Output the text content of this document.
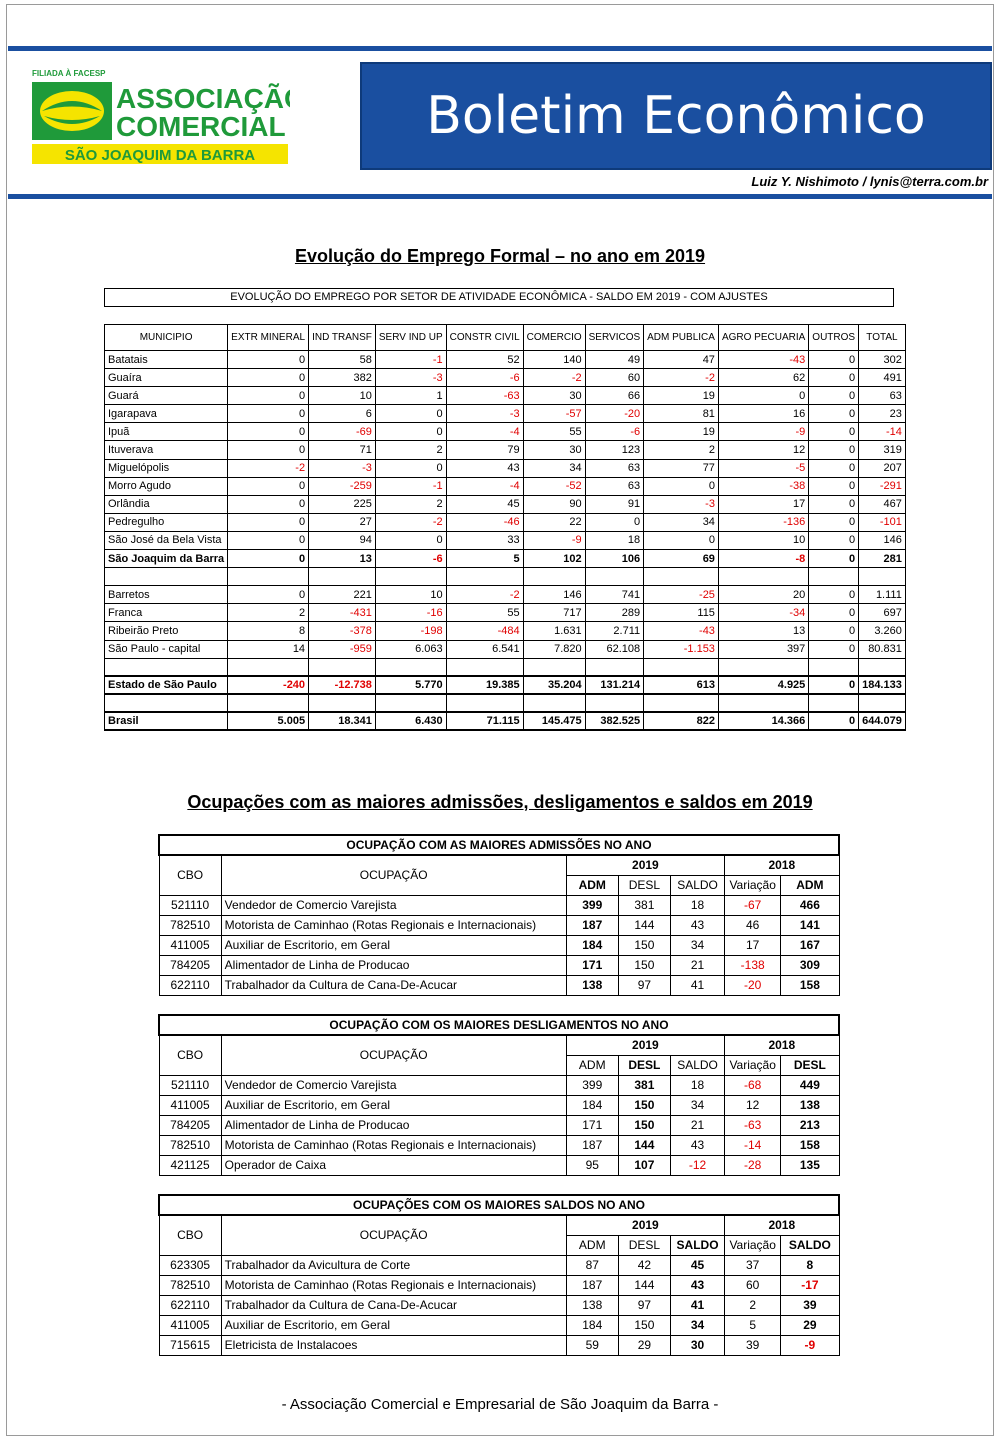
FILIADA À FACESP
ASSOCIAÇÃO
COMERCIAL
SÃO JOAQUIM DA BARRA
Boletim Econômico
Luiz Y. Nishimoto / lynis@terra.com.br
Evolução do Emprego Formal – no ano em 2019
EVOLUÇÃO DO EMPREGO POR SETOR DE ATIVIDADE ECONÔMICA - SALDO EM 2019 - COM AJUSTES
MUNICIPIO	EXTR MINERAL	IND TRANSF	SERV IND UP	CONSTR CIVIL	COMERCIO	SERVICOS	ADM PUBLICA	AGRO PECUARIA	OUTROS	TOTAL
Batatais	0	58	-1	52	140	49	47	-43	0	302
Guaíra	0	382	-3	-6	-2	60	-2	62	0	491
Guará	0	10	1	-63	30	66	19	0	0	63
Igarapava	0	6	0	-3	-57	-20	81	16	0	23
Ipuã	0	-69	0	-4	55	-6	19	-9	0	-14
Ituverava	0	71	2	79	30	123	2	12	0	319
Miguelópolis	-2	-3	0	43	34	63	77	-5	0	207
Morro Agudo	0	-259	-1	-4	-52	63	0	-38	0	-291
Orlândia	0	225	2	45	90	91	-3	17	0	467
Pedregulho	0	27	-2	-46	22	0	34	-136	0	-101
São José da Bela Vista	0	94	0	33	-9	18	0	10	0	146
São Joaquim da Barra	0	13	-6	5	102	106	69	-8	0	281

Barretos	0	221	10	-2	146	741	-25	20	0	1.111
Franca	2	-431	-16	55	717	289	115	-34	0	697
Ribeirão Preto	8	-378	-198	-484	1.631	2.711	-43	13	0	3.260
São Paulo - capital	14	-959	6.063	6.541	7.820	62.108	-1.153	397	0	80.831

Estado de São Paulo	-240	-12.738	5.770	19.385	35.204	131.214	613	4.925	0	184.133

Brasil	5.005	18.341	6.430	71.115	145.475	382.525	822	14.366	0	644.079
Ocupações com as maiores admissões, desligamentos e saldos em 2019
OCUPAÇÃO COM AS MAIORES ADMISSÕES NO ANO						
CBO	OCUPAÇÃO	2019			2018	
		ADM	DESL	SALDO	Variação	ADM
521110	Vendedor de Comercio Varejista	399	381	18	-67	466
782510	Motorista de Caminhao (Rotas Regionais e Internacionais)	187	144	43	46	141
411005	Auxiliar de Escritorio, em Geral	184	150	34	17	167
784205	Alimentador de Linha de Producao	171	150	21	-138	309
622110	Trabalhador da Cultura de Cana-De-Acucar	138	97	41	-20	158
OCUPAÇÃO COM OS MAIORES DESLIGAMENTOS NO ANO						
CBO	OCUPAÇÃO	2019			2018	
		ADM	DESL	SALDO	Variação	DESL
521110	Vendedor de Comercio Varejista	399	381	18	-68	449
411005	Auxiliar de Escritorio, em Geral	184	150	34	12	138
784205	Alimentador de Linha de Producao	171	150	21	-63	213
782510	Motorista de Caminhao (Rotas Regionais e Internacionais)	187	144	43	-14	158
421125	Operador de Caixa	95	107	-12	-28	135
OCUPAÇÕES COM OS MAIORES SALDOS NO ANO						
CBO	OCUPAÇÃO	2019			2018	
		ADM	DESL	SALDO	Variação	SALDO
623305	Trabalhador da Avicultura de Corte	87	42	45	37	8
782510	Motorista de Caminhao (Rotas Regionais e Internacionais)	187	144	43	60	-17
622110	Trabalhador da Cultura de Cana-De-Acucar	138	97	41	2	39
411005	Auxiliar de Escritorio, em Geral	184	150	34	5	29
715615	Eletricista de Instalacoes	59	29	30	39	-9
- Associação Comercial e Empresarial de São Joaquim da Barra -
